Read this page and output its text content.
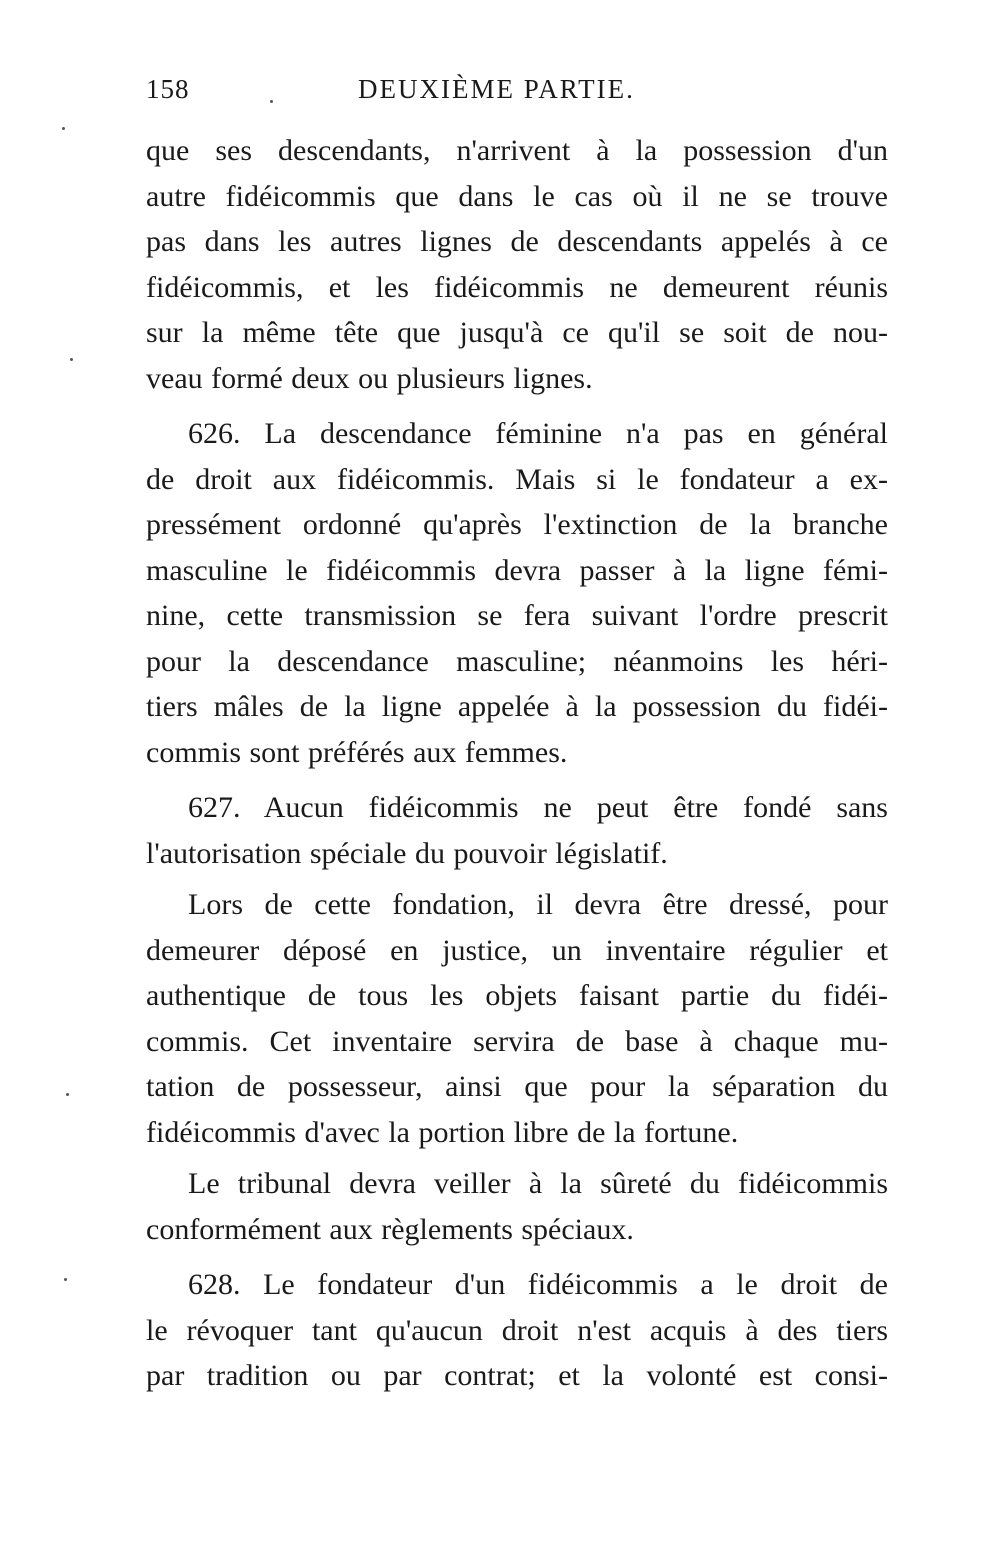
158	DEUXIÈME PARTIE.

que ses descendants, n'arrivent à la possession d'un
autre fidéicommis que dans le cas où il ne se trouve
pas dans les autres lignes de descendants appelés à ce
fidéicommis, et les fidéicommis ne demeurent réunis
sur la même tête que jusqu'à ce qu'il se soit de nou-
veau formé deux ou plusieurs lignes.

626. La descendance féminine n'a pas en général
de droit aux fidéicommis. Mais si le fondateur a ex-
pressément ordonné qu'après l'extinction de la branche
masculine le fidéicommis devra passer à la ligne fémi-
nine, cette transmission se fera suivant l'ordre prescrit
pour la descendance masculine; néanmoins les héri-
tiers mâles de la ligne appelée à la possession du fidéi-
commis sont préférés aux femmes.

627. Aucun fidéicommis ne peut être fondé sans
l'autorisation spéciale du pouvoir législatif.

Lors de cette fondation, il devra être dressé, pour
demeurer déposé en justice, un inventaire régulier et
authentique de tous les objets faisant partie du fidéi-
commis. Cet inventaire servira de base à chaque mu-
tation de possesseur, ainsi que pour la séparation du
fidéicommis d'avec la portion libre de la fortune.

Le tribunal devra veiller à la sûreté du fidéicommis
conformément aux règlements spéciaux.

628. Le fondateur d'un fidéicommis a le droit de
le révoquer tant qu'aucun droit n'est acquis à des tiers
par tradition ou par contrat; et la volonté est consi-
